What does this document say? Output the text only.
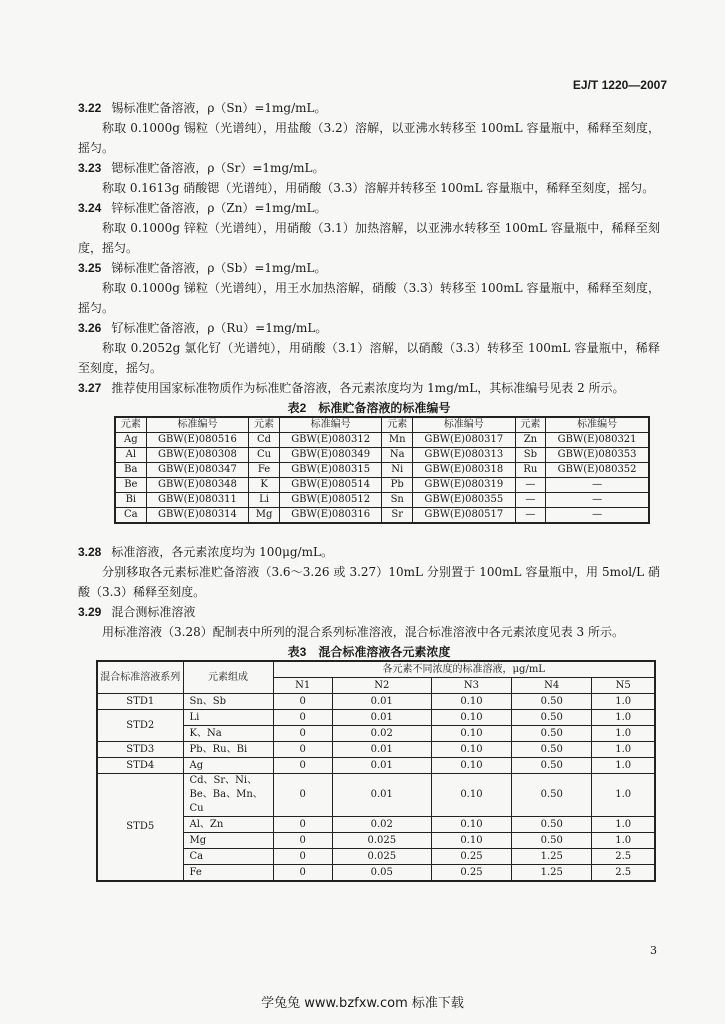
EJ/T 1220—2007

3.22 锡标准贮备溶液，ρ（Sn）=1mg/mL。

称取 0.1000g 锡粒（光谱纯），用盐酸（3.2）溶解，以亚沸水转移至 100mL 容量瓶中，稀释至刻度，摇匀。

3.23 锶标准贮备溶液，ρ（Sr）=1mg/mL。

称取 0.1613g 硝酸锶（光谱纯），用硝酸（3.3）溶解并转移至 100mL 容量瓶中，稀释至刻度，摇匀。

3.24 锌标准贮备溶液，ρ（Zn）=1mg/mL。

称取 0.1000g 锌粒（光谱纯），用硝酸（3.1）加热溶解，以亚沸水转移至 100mL 容量瓶中，稀释至刻度，摇匀。

3.25 锑标准贮备溶液，ρ（Sb）=1mg/mL。

称取 0.1000g 锑粒（光谱纯），用王水加热溶解，硝酸（3.3）转移至 100mL 容量瓶中，稀释至刻度，摇匀。

3.26 钌标准贮备溶液，ρ（Ru）=1mg/mL。

称取 0.2052g 氯化钌（光谱纯），用硝酸（3.1）溶解，以硝酸（3.3）转移至 100mL 容量瓶中，稀释至刻度，摇匀。

3.27 推荐使用国家标准物质作为标准贮备溶液，各元素浓度均为 1mg/mL，其标准编号见表 2 所示。

表2　标准贮备溶液的标准编号
元素	标准编号	元素	标准编号	元素	标准编号	元素	标准编号
Ag	GBW(E)080516	Cd	GBW(E)080312	Mn	GBW(E)080317	Zn	GBW(E)080321
Al	GBW(E)080308	Cu	GBW(E)080349	Na	GBW(E)080313	Sb	GBW(E)080353
Ba	GBW(E)080347	Fe	GBW(E)080315	Ni	GBW(E)080318	Ru	GBW(E)080352
Be	GBW(E)080348	K	GBW(E)080514	Pb	GBW(E)080319	—	—
Bi	GBW(E)080311	Li	GBW(E)080512	Sn	GBW(E)080355	—	—
Ca	GBW(E)080314	Mg	GBW(E)080316	Sr	GBW(E)080517	—	—

3.28 标准溶液，各元素浓度均为 100μg/mL。

分别移取各元素标准贮备溶液（3.6～3.26 或 3.27）10mL 分别置于 100mL 容量瓶中，用 5mol/L 硝酸（3.3）稀释至刻度。

3.29 混合测标准溶液

用标准溶液（3.28）配制表中所列的混合系列标准溶液，混合标准溶液中各元素浓度见表 3 所示。

表3　混合标准溶液各元素浓度
混合标准溶液系列	元素组成	各元素不同浓度的标准溶液，μg/mL				
		N1	N2	N3	N4	N5
STD1	Sn、Sb	0	0.01	0.10	0.50	1.0
STD2	Li	0	0.01	0.10	0.50	1.0
	K、Na	0	0.02	0.10	0.50	1.0
STD3	Pb、Ru、Bi	0	0.01	0.10	0.50	1.0
STD4	Ag	0	0.01	0.10	0.50	1.0
STD5	Cd、Sr、Ni、Be、Ba、Mn、Cu	0	0.01	0.10	0.50	1.0
	Al、Zn	0	0.02	0.10	0.50	1.0
	Mg	0	0.025	0.10	0.50	1.0
	Ca	0	0.025	0.25	1.25	2.5
	Fe	0	0.05	0.25	1.25	2.5
3
学兔兔 www.bzfxw.com 标准下载
